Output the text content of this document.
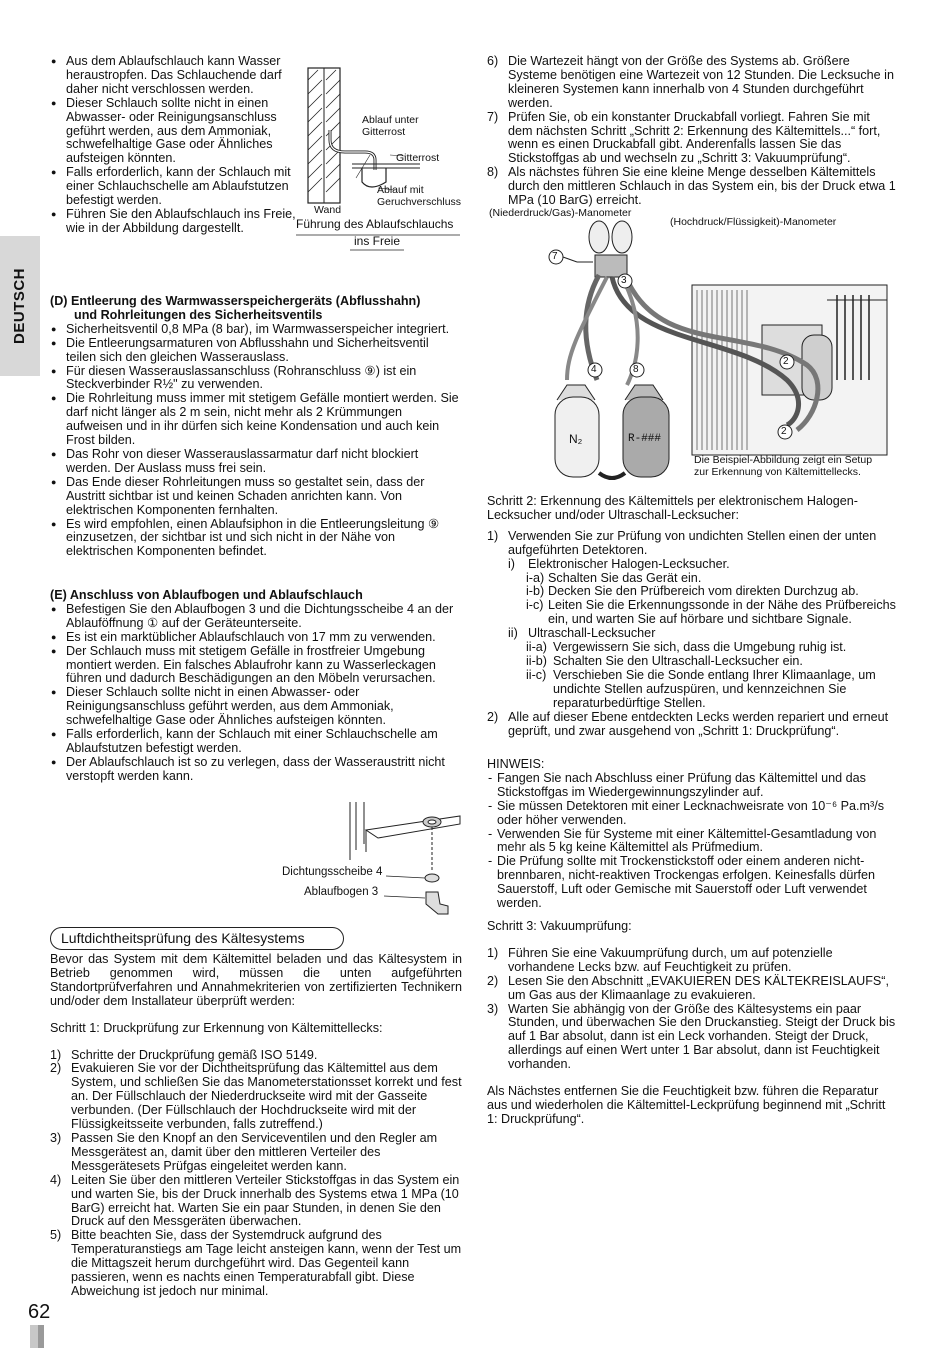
DEUTSCH
● Aus dem Ablaufschlauch kann Wasser heraustropfen. Das Schlauchende darf daher nicht verschlossen werden.
● Dieser Schlauch sollte nicht in einen Abwasser- oder Reinigungsanschluss geführt werden, aus dem Ammoniak, schwefelhaltige Gase oder Ähnliches aufsteigen könnten.
● Falls erforderlich, kann der Schlauch mit einer Schlauchschelle am Ablaufstutzen befestigt werden.
● Führen Sie den Ablaufschlauch ins Freie, wie in der Abbildung dargestellt.
Ablauf unter Gitterrost
Gitterrost
Ablauf mit Geruchverschluss
Wand
Führung des Ablaufschlauchs
ins Freie

(D) Entleerung des Warmwasserspeichergeräts (Abflusshahn)

und Rohrleitungen des Sicherheitsventils

● Sicherheitsventil 0,8 MPa (8 bar), im Warmwasserspeicher integriert.
● Die Entleerungsarmaturen von Abflusshahn und Sicherheitsventil teilen sich den gleichen Wasserauslass.
● Für diesen Wasserauslassanschluss (Rohranschluss ⑨) ist ein Steckverbinder R½" zu verwenden.
● Die Rohrleitung muss immer mit stetigem Gefälle montiert werden. Sie darf nicht länger als 2 m sein, nicht mehr als 2 Krümmungen aufweisen und in ihr dürfen sich keine Kondensation und auch kein Frost bilden.
● Das Rohr von dieser Wasserauslassarmatur darf nicht blockiert werden. Der Auslass muss frei sein.
● Das Ende dieser Rohrleitungen muss so gestaltet sein, dass der Austritt sichtbar ist und keinen Schaden anrichten kann. Von elektrischen Komponenten fernhalten.
● Es wird empfohlen, einen Ablaufsiphon in die Entleerungsleitung ⑨ einzusetzen, der sichtbar ist und sich nicht in der Nähe von elektrischen Komponenten befindet.

(E) Anschluss von Ablaufbogen und Ablaufschlauch

● Befestigen Sie den Ablaufbogen 3 und die Dichtungsscheibe 4 an der Ablauföffnung ① auf der Geräteunterseite.
● Es ist ein marktüblicher Ablaufschlauch von 17 mm zu verwenden.
● Der Schlauch muss mit stetigem Gefälle in frostfreier Umgebung montiert werden. Ein falsches Ablaufrohr kann zu Wasserleckagen führen und dadurch Beschädigungen an den Möbeln verursachen.
● Dieser Schlauch sollte nicht in einen Abwasser- oder Reinigungsanschluss geführt werden, aus dem Ammoniak, schwefelhaltige Gase oder Ähnliches aufsteigen könnten.
● Falls erforderlich, kann der Schlauch mit einer Schlauchschelle am Ablaufstutzen befestigt werden.
● Der Ablaufschlauch ist so zu verlegen, dass der Wasseraustritt nicht verstopft werden kann.
Dichtungsscheibe 4
Ablaufbogen 3
Luftdichtheitsprüfung des Kältesystems

Bevor das System mit dem Kältemittel beladen und das Kältesystem in Betrieb genommen wird, müssen die unten aufgeführten Standortprüfverfahren und Annahmekriterien von zertifizierten Technikern und/oder dem Installateur überprüft werden:

Schritt 1: Druckprüfung zur Erkennung von Kältemittellecks:

1) Schritte der Druckprüfung gemäß ISO 5149.
2) Evakuieren Sie vor der Dichtheitsprüfung das Kältemittel aus dem System, und schließen Sie das Manometerstationsset korrekt und fest an. Der Füllschlauch der Niederdruckseite wird mit der Gasseite verbunden. (Der Füllschlauch der Hochdruckseite wird mit der Flüssigkeitsseite verbunden, falls zutreffend.)
3) Passen Sie den Knopf an den Serviceventilen und den Regler am Messgerätest an, damit über den mittleren Verteiler des Messgerätesets Prüfgas eingeleitet werden kann.
4) Leiten Sie über den mittleren Verteiler Stickstoffgas in das System ein und warten Sie, bis der Druck innerhalb des Systems etwa 1 MPa (10 BarG) erreicht hat. Warten Sie ein paar Stunden, in denen Sie den Druck auf den Messgeräten überwachen.
5) Bitte beachten Sie, dass der Systemdruck aufgrund des Temperaturanstiegs am Tage leicht ansteigen kann, wenn der Test um die Mittagszeit herum durchgeführt wird. Das Gegenteil kann passieren, wenn es nachts einen Temperaturabfall gibt. Diese Abweichung ist jedoch nur minimal.
6) Die Wartezeit hängt von der Größe des Systems ab. Größere Systeme benötigen eine Wartezeit von 12 Stunden. Die Lecksuche in kleineren Systemen kann innerhalb von 4 Stunden durchgeführt werden.
7) Prüfen Sie, ob ein konstanter Druckabfall vorliegt. Fahren Sie mit dem nächsten Schritt „Schritt 2: Erkennung des Kältemittels...“ fort, wenn es einen Druckabfall gibt. Anderenfalls lassen Sie das Stickstoffgas ab und wechseln zu „Schritt 3: Vakuumprüfung“.
8) Als nächstes führen Sie eine kleine Menge desselben Kältemittels durch den mittleren Schlauch in das System ein, bis der Druck etwa 1 MPa (10 BarG) erreicht.
(Niederdruck/Gas)-Manometer
(Hochdruck/Flüssigkeit)-Manometer
7
3
4	8
2
2
N₂	R-###
Die Beispiel-Abbildung zeigt ein Setup
zur Erkennung von Kältemittellecks.

Schritt 2: Erkennung des Kältemittels per elektronischem Halogen-Lecksucher und/oder Ultraschall-Lecksucher:

1) Verwenden Sie zur Prüfung von undichten Stellen einen der unten aufgeführten Detektoren.
i) Elektronischer Halogen-Lecksucher.
i-a) Schalten Sie das Gerät ein.
i-b) Decken Sie den Prüfbereich vom direkten Durchzug ab.
i-c) Leiten Sie die Erkennungssonde in der Nähe des Prüfbereichs ein, und warten Sie auf hörbare und sichtbare Signale.
ii) Ultraschall-Lecksucher
ii-a) Vergewissern Sie sich, dass die Umgebung ruhig ist.
ii-b) Schalten Sie den Ultraschall-Lecksucher ein.
ii-c) Verschieben Sie die Sonde entlang Ihrer Klimaanlage, um undichte Stellen aufzuspüren, und kennzeichnen Sie reparaturbedürftige Stellen.
2) Alle auf dieser Ebene entdeckten Lecks werden repariert und erneut geprüft, und zwar ausgehend von „Schritt 1: Druckprüfung“.

HINWEIS:

- Fangen Sie nach Abschluss einer Prüfung das Kältemittel und das Stickstoffgas im Wiedergewinnungszylinder auf.
- Sie müssen Detektoren mit einer Lecknachweisrate von 10⁻⁶ Pa.m³/s oder höher verwenden.
- Verwenden Sie für Systeme mit einer Kältemittel-Gesamtladung von mehr als 5 kg keine Kältemittel als Prüfmedium.
- Die Prüfung sollte mit Trockenstickstoff oder einem anderen nicht-brennbaren, nicht-reaktiven Trockengas erfolgen. Keinesfalls dürfen Sauerstoff, Luft oder Gemische mit Sauerstoff oder Luft verwendet werden.

Schritt 3: Vakuumprüfung:

1) Führen Sie eine Vakuumprüfung durch, um auf potenzielle vorhandene Lecks bzw. auf Feuchtigkeit zu prüfen.
2) Lesen Sie den Abschnitt „EVAKUIEREN DES KÄLTEKREISLAUFS“, um Gas aus der Klimaanlage zu evakuieren.
3) Warten Sie abhängig von der Größe des Kältesystems ein paar Stunden, und überwachen Sie den Druckanstieg. Steigt der Druck bis auf 1 Bar absolut, dann ist ein Leck vorhanden. Steigt der Druck, allerdings auf einen Wert unter 1 Bar absolut, dann ist Feuchtigkeit vorhanden.

Als Nächstes entfernen Sie die Feuchtigkeit bzw. führen die Reparatur aus und wiederholen die Kältemittel-Leckprüfung beginnend mit „Schritt 1: Druckprüfung“.

62
